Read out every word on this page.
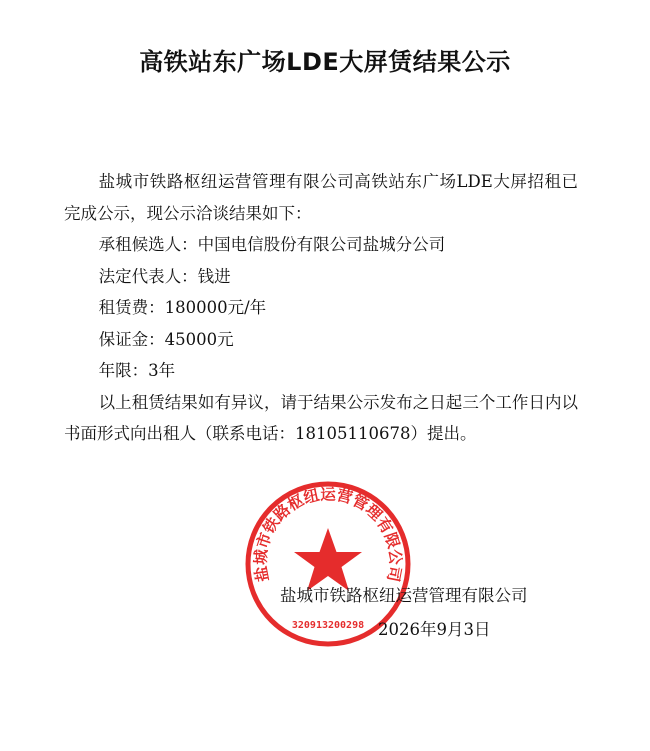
高铁站东广场LDE大屏赁结果公示

盐城市铁路枢纽运营管理有限公司高铁站东广场LDE大屏招租已完成公示，现公示洽谈结果如下：

承租候选人：中国电信股份有限公司盐城分公司

法定代表人：钱进

租赁费：180000元/年

保证金：45000元

年限：3年

以上租赁结果如有异议，请于结果公示发布之日起三个工作日内以书面形式向出租人（联系电话：18105110678）提出。

盐城市铁路枢纽运营管理有限公司
320913200298
盐城市铁路枢纽运营管理有限公司
2026年9月3日
